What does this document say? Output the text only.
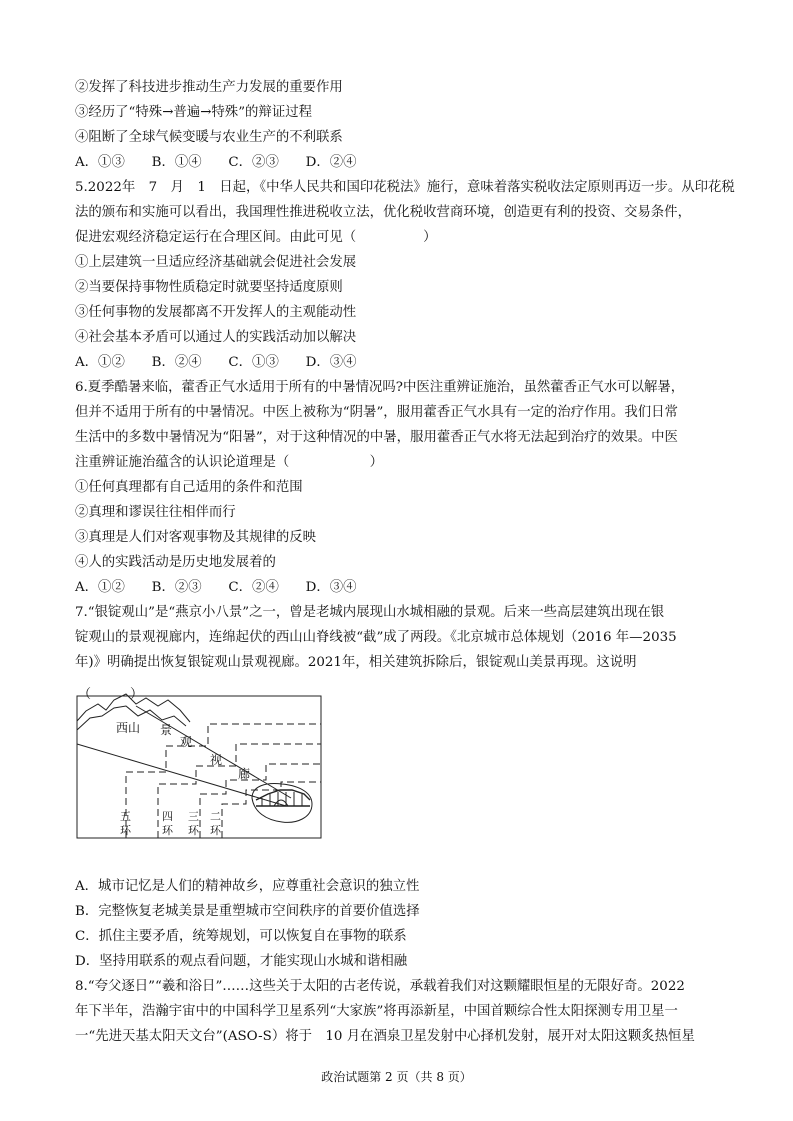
②发挥了科技进步推动生产力发展的重要作用
③经历了“特殊→普遍→特殊”的辩证过程
④阻断了全球气候变暖与农业生产的不利联系
A．①③　　B．①④　　C．②③　　D．②④
5.2022年　7　月　1　日起，《中华人民共和国印花税法》施行，意味着落实税收法定原则再迈一步。从印花税
法的颁布和实施可以看出，我国理性推进税收立法，优化税收营商环境，创造更有利的投资、交易条件，
促进宏观经济稳定运行在合理区间。由此可见（　　　　　）
①上层建筑一旦适应经济基础就会促进社会发展
②当要保持事物性质稳定时就要坚持适度原则
③任何事物的发展都离不开发挥人的主观能动性
④社会基本矛盾可以通过人的实践活动加以解决
A．①②　　B．②④　　C．①③　　D．③④
6.夏季酷暑来临，藿香正气水适用于所有的中暑情况吗?中医注重辨证施治，虽然藿香正气水可以解暑，
但并不适用于所有的中暑情况。中医上被称为“阴暑”，服用藿香正气水具有一定的治疗作用。我们日常
生活中的多数中暑情况为“阳暑”，对于这种情况的中暑，服用藿香正气水将无法起到治疗的效果。中医
注重辨证施治蕴含的认识论道理是（　　　　　　）
①任何真理都有自己适用的条件和范围
②真理和谬误往往相伴而行
③真理是人们对客观事物及其规律的反映
④人的实践活动是历史地发展着的
A．①②　　B．②③　　C．②④　　D．③④
7.“银锭观山”是“燕京小八景”之一，曾是老城内展现山水城相融的景观。后来一些高层建筑出现在银
锭观山的景观视廊内，连绵起伏的西山山脊线被“截”成了两段。《北京城市总体规划（2016 年—2035
年)》明确提出恢复银锭观山景观视廊。2021年，相关建筑拆除后，银锭观山美景再现。这说明
A．城市记忆是人们的精神故乡，应尊重社会意识的独立性
B．完整恢复老城美景是重塑城市空间秩序的首要价值选择
C．抓住主要矛盾，统筹规划，可以恢复自在事物的联系
D．坚持用联系的观点看问题，才能实现山水城和谐相融
8.“夸父逐日”“羲和浴日”……这些关于太阳的古老传说，承载着我们对这颗耀眼恒星的无限好奇。2022
年下半年，浩瀚宇宙中的中国科学卫星系列“大家族”将再添新星，中国首颗综合性太阳探测专用卫星一
一“先进天基太阳天文台”(ASO-S）将于　10 月在酒泉卫星发射中心择机发射，展开对太阳这颗炙热恒星
（　　　）
西山 景
观
视
廊
五
环
四
环
三
环
二
环
政治试题第 2 页（共 8 页）
